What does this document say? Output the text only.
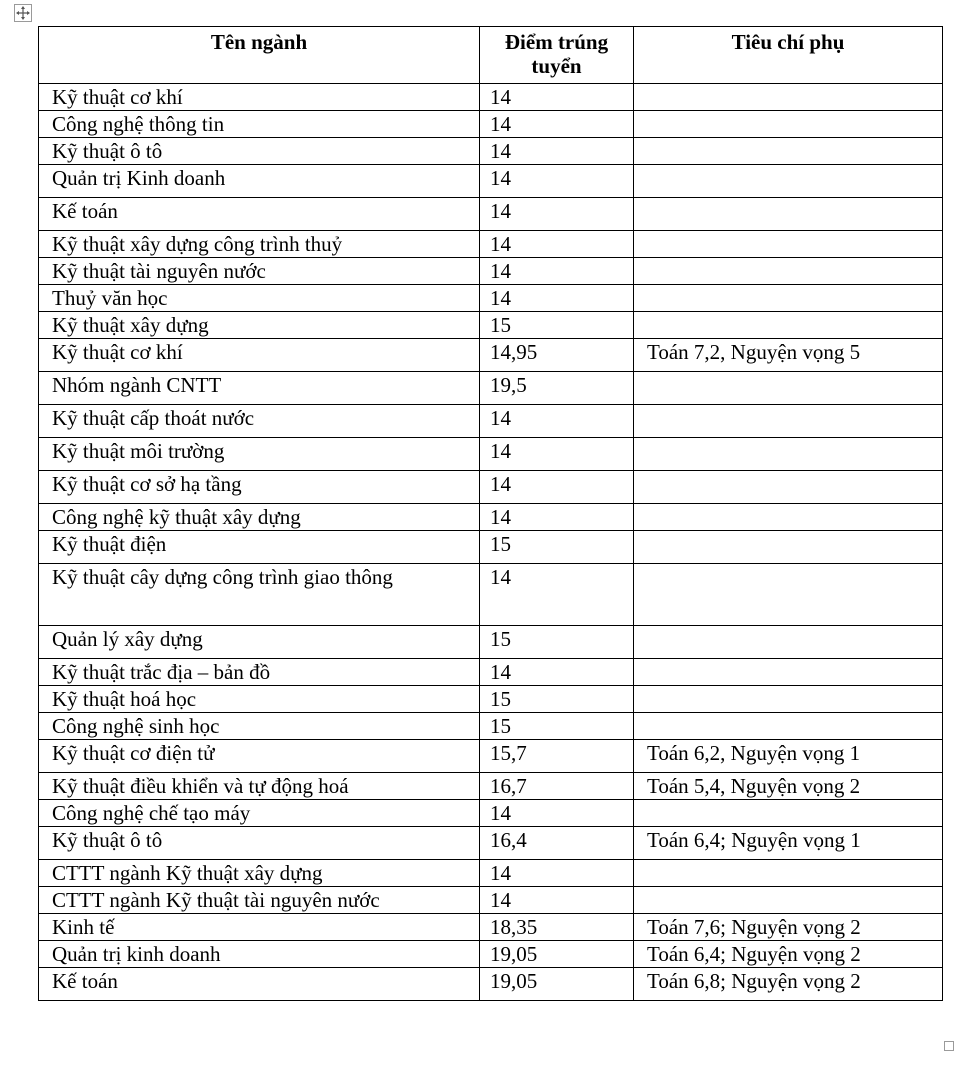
Tên ngành	Điểm trúng tuyển	Tiêu chí phụ
Kỹ thuật cơ khí	14	
Công nghệ thông tin	14	
Kỹ thuật ô tô	14	
Quản trị Kinh doanh	14	
Kế toán	14	
Kỹ thuật xây dựng công trình thuỷ	14	
Kỹ thuật tài nguyên nước	14	
Thuỷ văn học	14	
Kỹ thuật xây dựng	15	
Kỹ thuật cơ khí	14,95	Toán 7,2, Nguyện vọng 5
Nhóm ngành CNTT	19,5	
Kỹ thuật cấp thoát nước	14	
Kỹ thuật môi trường	14	
Kỹ thuật cơ sở hạ tầng	14	
Công nghệ kỹ thuật xây dựng	14	
Kỹ thuật điện	15	
Kỹ thuật cây dựng công trình giao thông	14	
Quản lý xây dựng	15	
Kỹ thuật trắc địa – bản đồ	14	
Kỹ thuật hoá học	15	
Công nghệ sinh học	15	
Kỹ thuật cơ điện tử	15,7	Toán 6,2, Nguyện vọng 1
Kỹ thuật điều khiển và tự động hoá	16,7	Toán 5,4, Nguyện vọng 2
Công nghệ chế tạo máy	14	
Kỹ thuật ô tô	16,4	Toán 6,4; Nguyện vọng 1
CTTT ngành Kỹ thuật xây dựng	14	
CTTT ngành Kỹ thuật tài nguyên nước	14	
Kinh tế	18,35	Toán 7,6; Nguyện vọng 2
Quản trị kinh doanh	19,05	Toán 6,4; Nguyện vọng 2
Kế toán	19,05	Toán 6,8; Nguyện vọng 2
